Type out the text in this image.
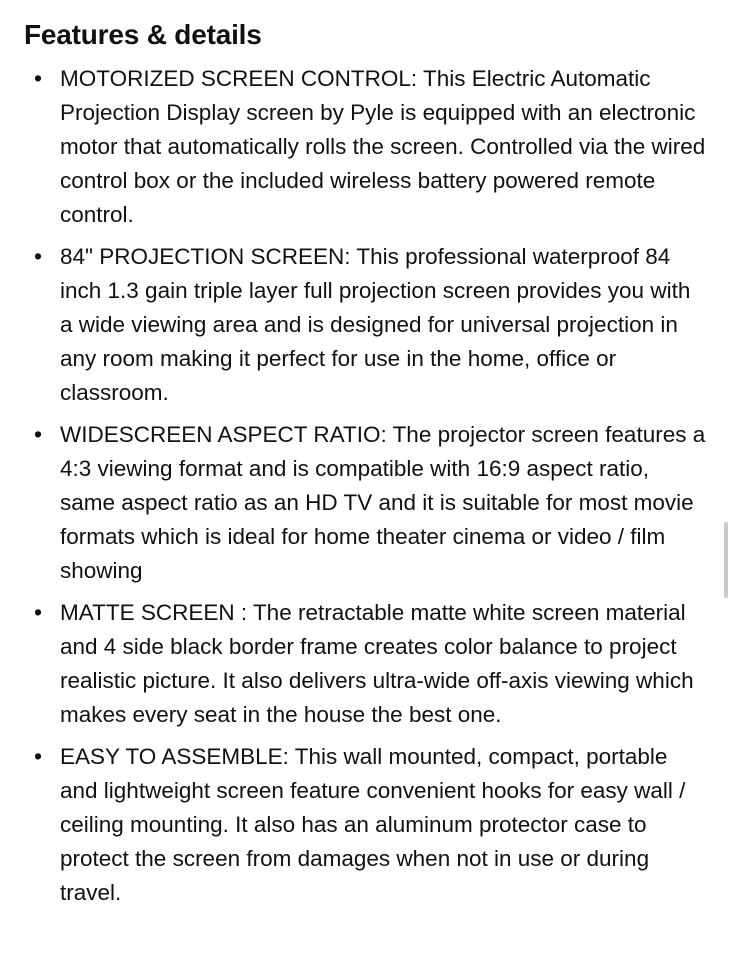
Features & details
• MOTORIZED SCREEN CONTROL: This Electric Automatic Projection Display screen by Pyle is equipped with an electronic motor that automatically rolls the screen. Controlled via the wired control box or the included wireless battery powered remote control.
• 84" PROJECTION SCREEN: This professional waterproof 84 inch 1.3 gain triple layer full projection screen provides you with a wide viewing area and is designed for universal projection in any room making it perfect for use in the home, office or classroom.
• WIDESCREEN ASPECT RATIO: The projector screen features a 4:3 viewing format and is compatible with 16:9 aspect ratio, same aspect ratio as an HD TV and it is suitable for most movie formats which is ideal for home theater cinema or video / film showing
• MATTE SCREEN : The retractable matte white screen material and 4 side black border frame creates color balance to project realistic picture. It also delivers ultra-wide off-axis viewing which makes every seat in the house the best one.
• EASY TO ASSEMBLE: This wall mounted, compact, portable and lightweight screen feature convenient hooks for easy wall / ceiling mounting. It also has an aluminum protector case to protect the screen from damages when not in use or during travel.
